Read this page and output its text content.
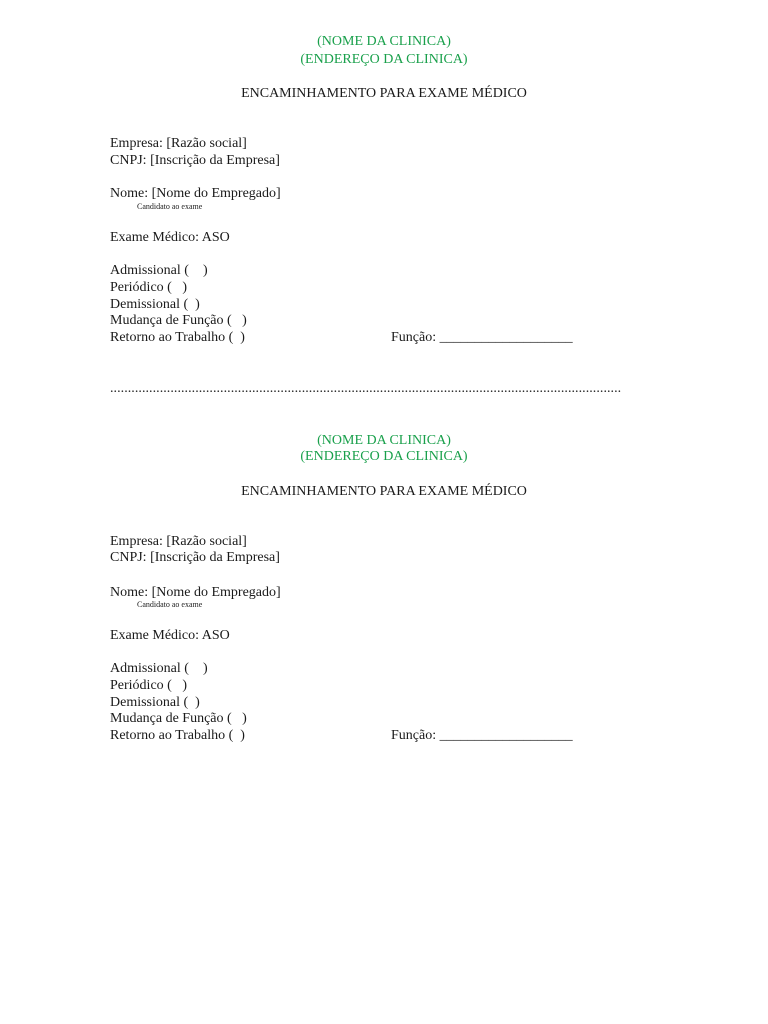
(NOME DA CLINICA)
(ENDEREÇO DA CLINICA)
ENCAMINHAMENTO PARA EXAME MÉDICO
Empresa: [Razão social]
CNPJ: [Inscrição da Empresa]
Nome: [Nome do Empregado]
Candidato ao exame
Exame Médico: ASO
Admissional (    )
Periódico (   )
Demissional (  )
Mudança de Função (   )
Retorno ao Trabalho (  )	Função: ___________________
................................................................................................................................................
(NOME DA CLINICA)
(ENDEREÇO DA CLINICA)
ENCAMINHAMENTO PARA EXAME MÉDICO
Empresa: [Razão social]
CNPJ: [Inscrição da Empresa]
Nome: [Nome do Empregado]
Candidato ao exame
Exame Médico: ASO
Admissional (    )
Periódico (   )
Demissional (  )
Mudança de Função (   )
Retorno ao Trabalho (  )	Função: ___________________
